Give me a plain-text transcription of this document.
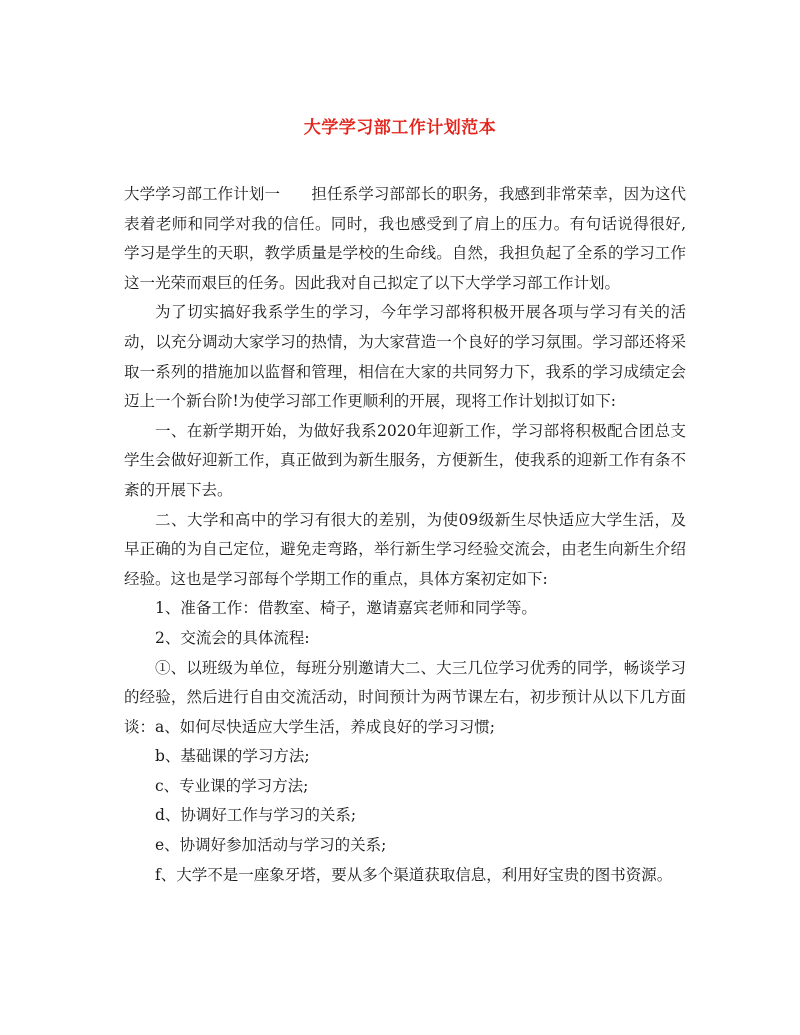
大学学习部工作计划范本

大学学习部工作计划一　　担任系学习部部长的职务，我感到非常荣幸，因为这代表着老师和同学对我的信任。同时，我也感受到了肩上的压力。有句话说得很好,学习是学生的天职，教学质量是学校的生命线。自然，我担负起了全系的学习工作这一光荣而艰巨的任务。因此我对自己拟定了以下大学学习部工作计划。

为了切实搞好我系学生的学习，今年学习部将积极开展各项与学习有关的活动，以充分调动大家学习的热情，为大家营造一个良好的学习氛围。学习部还将采取一系列的措施加以监督和管理，相信在大家的共同努力下，我系的学习成绩定会迈上一个新台阶!为使学习部工作更顺利的开展，现将工作计划拟订如下:

一、在新学期开始，为做好我系2020年迎新工作，学习部将积极配合团总支学生会做好迎新工作，真正做到为新生服务，方便新生，使我系的迎新工作有条不紊的开展下去。

二、大学和高中的学习有很大的差别，为使09级新生尽快适应大学生活，及早正确的为自己定位，避免走弯路，举行新生学习经验交流会，由老生向新生介绍经验。这也是学习部每个学期工作的重点，具体方案初定如下:

1、准备工作：借教室、椅子，邀请嘉宾老师和同学等。

2、交流会的具体流程:

①、以班级为单位，每班分别邀请大二、大三几位学习优秀的同学，畅谈学习的经验，然后进行自由交流活动，时间预计为两节课左右，初步预计从以下几方面谈：a、如何尽快适应大学生活，养成良好的学习习惯;

b、基础课的学习方法;

c、专业课的学习方法;

d、协调好工作与学习的关系;

e、协调好参加活动与学习的关系;

f、大学不是一座象牙塔，要从多个渠道获取信息，利用好宝贵的图书资源。
